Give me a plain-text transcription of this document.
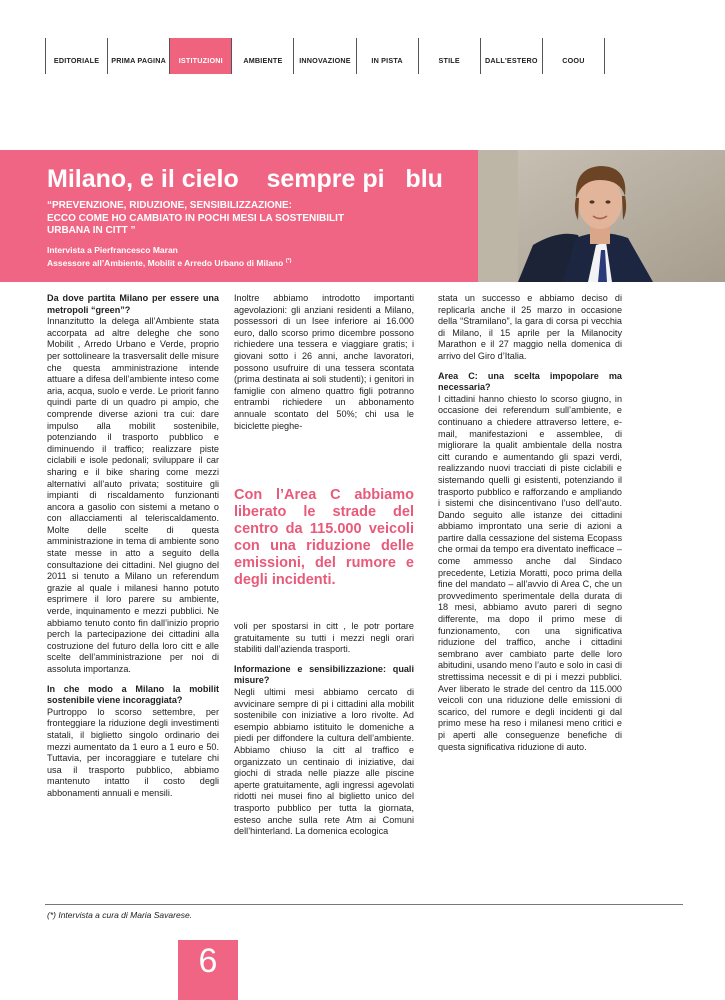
EDITORIALE	PRIMA PAGINA	ISTITUZIONI	AMBIENTE	INNOVAZIONE	IN PISTA	STILE	DALL'ESTERO	COOU
Milano, e il cielo    sempre pi   blu
“PREVENZIONE, RIDUZIONE, SENSIBILIZZAZIONE:
ECCO COME HO CAMBIATO IN POCHI MESI LA SOSTENIBILIT
URBANA IN CITT ”
Intervista a Pierfrancesco Maran
Assessore all’Ambiente, Mobilit e Arredo Urbano di Milano (*)

Da dove partita Milano per essere una metropoli “green”?

Innanzitutto la delega all’Ambiente stata accorpata ad altre deleghe che sono Mobilit , Arredo Urbano e Verde, proprio per sottolineare la trasversalit delle misure che questa amministrazione intende attuare a difesa dell’ambiente inteso come aria, acqua, suolo e verde. Le priorit fanno quindi parte di un quadro pi ampio, che comprende diverse azioni tra cui: dare impulso alla mobilit sostenibile, potenziando il trasporto pubblico e diminuendo il traffico; realizzare piste ciclabili e isole pedonali; sviluppare il car sharing e il bike sharing come mezzi alternativi all’auto privata; sostituire gli impianti di riscaldamento funzionanti ancora a gasolio con sistemi a metano o con allacciamenti al teleriscaldamento. Molte delle scelte di questa amministrazione in tema di ambiente sono state messe in atto a seguito della consultazione dei cittadini. Nel giugno del 2011 si tenuto a Milano un referendum grazie al quale i milanesi hanno potuto esprimere il loro parere su ambiente, verde, inquinamento e mezzi pubblici. Ne abbiamo tenuto conto fin dall’inizio proprio perch la partecipazione dei cittadini alla costruzione del futuro della loro citt e alle scelte dell’amministrazione per noi di assoluta importanza.

In che modo a Milano la mobilit sostenibile viene incoraggiata?

Purtroppo lo scorso settembre, per fronteggiare la riduzione degli investimenti statali, il biglietto singolo ordinario dei mezzi aumentato da 1 euro a 1 euro e 50. Tuttavia, per incoraggiare e tutelare chi usa il trasporto pubblico, abbiamo mantenuto intatto il costo degli abbonamenti annuali e mensili.

Inoltre abbiamo introdotto importanti agevolazioni: gli anziani residenti a Milano, possessori di un Isee inferiore ai 16.000 euro, dallo scorso primo dicembre possono richiedere una tessera e viaggiare gratis; i giovani sotto i 26 anni, anche lavoratori, possono usufruire di una tessera scontata (prima destinata ai soli studenti); i genitori in famiglie con almeno quattro figli potranno entrambi richiedere un abbonamento annuale scontato del 50%; chi usa le biciclette pieghe-

Con l’Area C abbiamo liberato le strade del centro da 115.000 veicoli con una riduzione delle emissioni, del rumore e degli incidenti.

voli per spostarsi in citt , le potr portare gratuitamente su tutti i mezzi negli orari stabiliti dall’azienda trasporti.

Informazione e sensibilizzazione: quali misure?

Negli ultimi mesi abbiamo cercato di avvicinare sempre di pi i cittadini alla mobilit sostenibile con iniziative a loro rivolte. Ad esempio abbiamo istituito le domeniche a piedi per diffondere la cultura dell’ambiente. Abbiamo chiuso la citt al traffico e organizzato un centinaio di iniziative, dai giochi di strada nelle piazze alle piscine aperte gratuitamente, agli ingressi agevolati ridotti nei musei fino al biglietto unico del trasporto pubblico per tutta la giornata, esteso anche sulla rete Atm ai Comuni dell’hinterland. La domenica ecologica

stata un successo e abbiamo deciso di replicarla anche il 25 marzo in occasione della “Stramilano”, la gara di corsa pi vecchia di Milano, il 15 aprile per la Milanocity Marathon e il 27 maggio nella domenica di arrivo del Giro d’Italia.

Area C: una scelta impopolare ma necessaria?

I cittadini hanno chiesto lo scorso giugno, in occasione dei referendum sull’ambiente, e continuano a chiedere attraverso lettere, e-mail, manifestazioni e assemblee, di migliorare la qualit ambientale della nostra citt curando e aumentando gli spazi verdi, realizzando nuovi tracciati di piste ciclabili e sistemando quelli gi esistenti, potenziando il trasporto pubblico e rafforzando e ampliando i sistemi che disincentivano l’uso dell’auto. Dando seguito alle istanze dei cittadini abbiamo improntato una serie di azioni a partire dalla cessazione del sistema Ecopass che ormai da tempo era diventato inefficace – come ammesso anche dal Sindaco precedente, Letizia Moratti, poco prima della fine del mandato – all’avvio di Area C, che un provvedimento sperimentale della durata di 18 mesi, abbiamo avuto pareri di segno differente, ma dopo il primo mese di funzionamento, con una significativa riduzione del traffico, anche i cittadini sembrano aver cambiato parte delle loro abitudini, usando meno l’auto e solo in casi di strettissima necessit e di pi i mezzi pubblici. Aver liberato le strade del centro da 115.000 veicoli con una riduzione delle emissioni di scarico, del rumore e degli incidenti gi dal primo mese ha reso i milanesi meno critici e pi aperti alle conseguenze benefiche di questa significativa riduzione di auto.

(*) Intervista a cura di Maria Savarese.
6
